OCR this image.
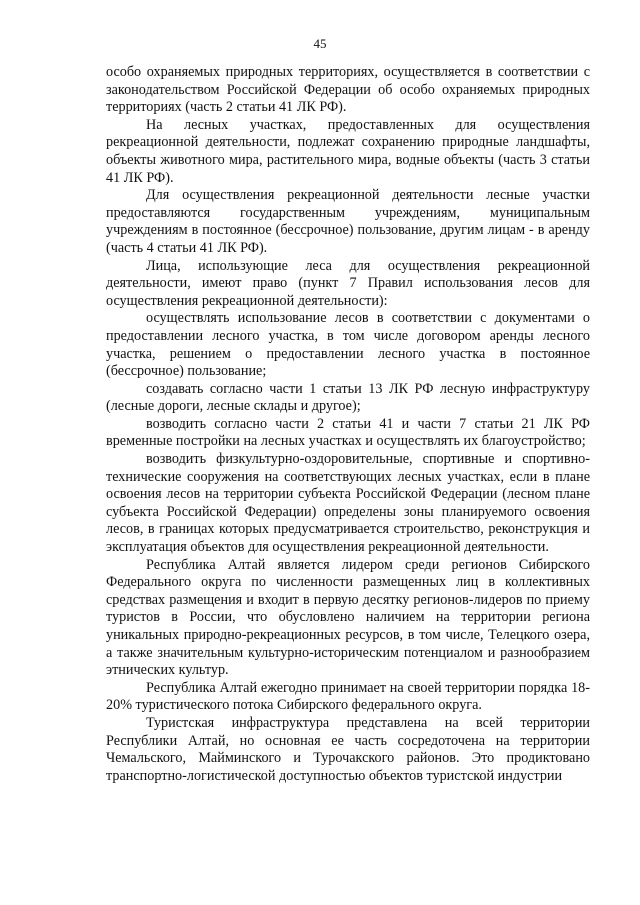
45

особо охраняемых природных территориях, осуществляется в соответствии с законодательством Российской Федерации об особо охраняемых природных территориях (часть 2 статьи 41 ЛК РФ).

На лесных участках, предоставленных для осуществления рекреационной деятельности, подлежат сохранению природные ландшафты, объекты животного мира, растительного мира, водные объекты (часть 3 статьи 41 ЛК РФ).

Для осуществления рекреационной деятельности лесные участки предоставляются государственным учреждениям, муниципальным учреждениям в постоянное (бессрочное) пользование, другим лицам - в аренду (часть 4 статьи 41 ЛК РФ).

Лица, использующие леса для осуществления рекреационной деятельности, имеют право (пункт 7 Правил использования лесов для осуществления рекреационной деятельности):

осуществлять использование лесов в соответствии с документами о предоставлении лесного участка, в том числе договором аренды лесного участка, решением о предоставлении лесного участка в постоянное (бессрочное) пользование;

создавать согласно части 1 статьи 13 ЛК РФ лесную инфраструктуру (лесные дороги, лесные склады и другое);

возводить согласно части 2 статьи 41 и части 7 статьи 21 ЛК РФ временные постройки на лесных участках и осуществлять их благоустройство;

возводить физкультурно-оздоровительные, спортивные и спортивно-технические сооружения на соответствующих лесных участках, если в плане освоения лесов на территории субъекта Российской Федерации (лесном плане субъекта Российской Федерации) определены зоны планируемого освоения лесов, в границах которых предусматривается строительство, реконструкция и эксплуатация объектов для осуществления рекреационной деятельности.

Республика Алтай является лидером среди регионов Сибирского Федерального округа по численности размещенных лиц в коллективных средствах размещения и входит в первую десятку регионов-лидеров по приему туристов в России, что обусловлено наличием на территории региона уникальных природно-рекреационных ресурсов, в том числе, Телецкого озера, а также значительным культурно-историческим потенциалом и разнообразием этнических культур.

Республика Алтай ежегодно принимает на своей территории порядка 18-20% туристического потока Сибирского федерального округа.

Туристская инфраструктура представлена на всей территории Республики Алтай, но основная ее часть сосредоточена на территории Чемальского, Майминского и Турочакского районов. Это продиктовано транспортно-логистической доступностью объектов туристской индустрии
